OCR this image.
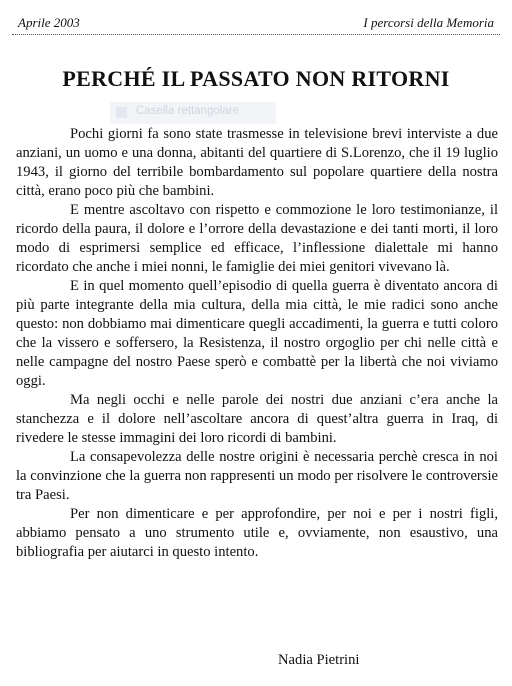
Aprile 2003	I percorsi della Memoria
PERCHÉ IL PASSATO NON RITORNI
Casella rettangolare

Pochi giorni fa sono state trasmesse in televisione brevi interviste a due anziani, un uomo e una donna, abitanti del quartiere di S.Lorenzo, che il 19 luglio 1943, il giorno del terribile bombardamento sul popolare quartiere della nostra città, erano poco più che bambini.

E mentre ascoltavo con rispetto e commozione le loro testimonianze, il ricordo della paura, il dolore e l’orrore della devastazione e dei tanti morti, il loro modo di esprimersi semplice ed efficace, l’inflessione dialettale mi hanno ricordato che anche i miei nonni, le famiglie dei miei genitori vivevano là.

E in quel momento quell’episodio di quella guerra è diventato ancora di più parte integrante della mia cultura, della mia città, le mie radici sono anche questo: non dobbiamo mai dimenticare quegli accadimenti, la guerra e tutti coloro che la vissero e soffersero, la Resistenza, il nostro orgoglio per chi nelle città e nelle campagne del nostro Paese sperò e combattè per la libertà che noi viviamo oggi.

Ma negli occhi e nelle parole dei nostri due anziani c’era anche la stanchezza e il dolore nell’ascoltare ancora di quest’altra guerra in Iraq, di rivedere le stesse immagini dei loro ricordi di bambini.

La consapevolezza delle nostre origini è necessaria perchè cresca in noi la convinzione che la guerra non rappresenti un modo per risolvere le controversie tra Paesi.

Per non dimenticare e per approfondire, per noi e per i nostri figli, abbiamo pensato a uno strumento utile e, ovviamente, non esaustivo, una bibliografia per aiutarci in questo intento.

Nadia Pietrini
